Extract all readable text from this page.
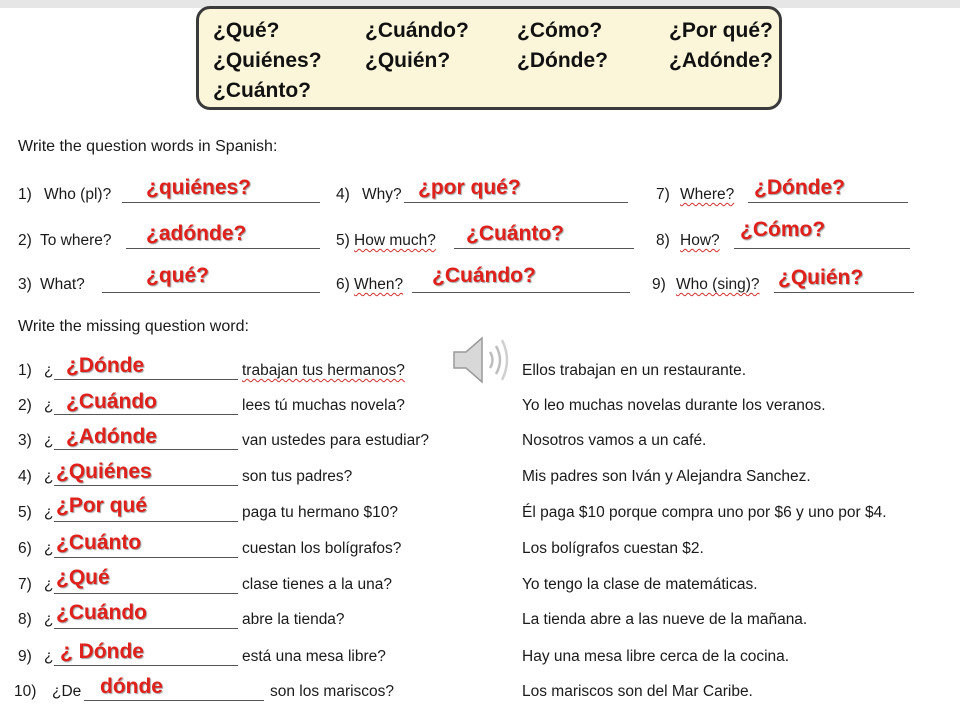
¿Qué?	¿Cuándo? ¿Cómo?	¿Por qué?
¿Quiénes? ¿Quién?	¿Dónde?	¿Adónde?
¿Cuánto?
Write the question words in Spanish:
1) Who (pl)? ¿quiénes?	4) Why? ¿por qué?	7) Where? ¿Dónde?
2) To where? ¿adónde?	5) How much? ¿Cuánto?	8) How? ¿Cómo?
3) What?	¿qué?	6) When? ¿Cuándo?	9) Who (sing)? ¿Quién?
Write the missing question word:
1) ¿ ¿Dónde	trabajan tus hermanos?	Ellos trabajan en un restaurante.
2) ¿ ¿Cuándo	lees tú muchas novela?	Yo leo muchas novelas durante los veranos.
3) ¿ ¿Adónde	van ustedes para estudiar?	Nosotros vamos a un café.
4) ¿ ¿Quiénes	son tus padres?	Mis padres son Iván y Alejandra Sanchez.
5) ¿ ¿Por qué	paga tu hermano $10?	Él paga $10 porque compra uno por $6 y uno por $4.
6) ¿ ¿Cuánto	cuestan los bolígrafos?	Los bolígrafos cuestan $2.
7) ¿ ¿Qué	clase tienes a la una?	Yo tengo la clase de matemáticas.
8) ¿ ¿Cuándo	abre la tienda?	La tienda abre a las nueve de la mañana.
9) ¿ ¿ Dónde	está una mesa libre?	Hay una mesa libre cerca de la cocina.
10) ¿De dónde	son los mariscos?	Los mariscos son del Mar Caribe.
